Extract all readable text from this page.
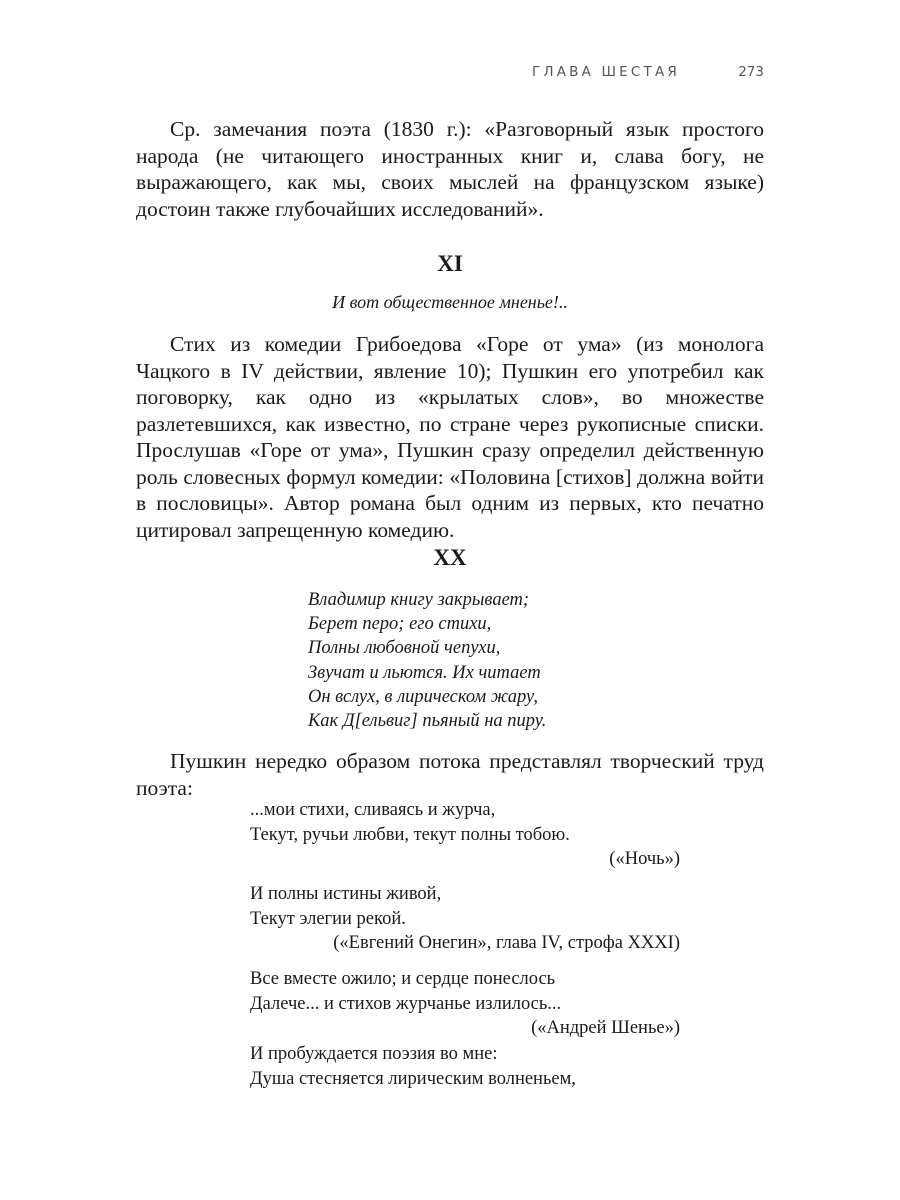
ГЛАВА ШЕСТАЯ	273

Ср. замечания поэта (1830 г.): «Разговорный язык простого народа (не читающего иностранных книг и, слава богу, не выражающего, как мы, своих мыслей на французском языке) достоин также глубочайших исследований».

XI

И вот общественное мненье!..

Стих из комедии Грибоедова «Горе от ума» (из монолога Чацкого в IV действии, явление 10); Пушкин его употребил как поговорку, как одно из «крылатых слов», во множестве разлетевшихся, как известно, по стране через рукописные списки. Прослушав «Горе от ума», Пушкин сразу определил действенную роль словесных формул комедии: «Половина [стихов] должна войти в пословицы». Автор романа был одним из первых, кто печатно цитировал запрещенную комедию.

XX
Владимир книгу закрывает;
Берет перо; его стихи,
Полны любовной чепухи,
Звучат и льются. Их читает
Он вслух, в лирическом жару,
Как Д[ельвиг] пьяный на пиру.

Пушкин нередко образом потока представлял творческий труд поэта:

...мои стихи, сливаясь и журча,
Текут, ручьи любви, текут полны тобою.
(«Ночь»)
И полны истины живой,
Текут элегии рекой.
(«Евгений Онегин», глава IV, строфа XXXI)
Все вместе ожило; и сердце понеслось
Далече... и стихов журчанье излилось...
(«Андрей Шенье»)
И пробуждается поэзия во мне:
Душа стесняется лирическим волненьем,
